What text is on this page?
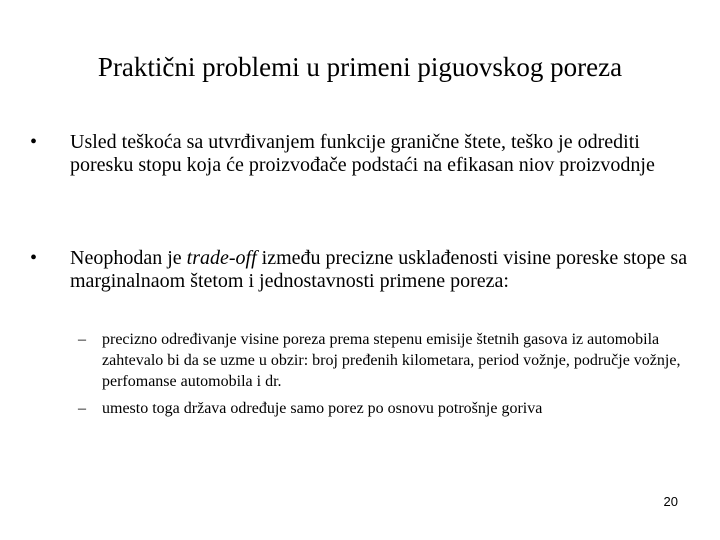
Praktični problemi u primeni piguovskog poreza
• Usled teškoća sa utvrđivanjem funkcije granične štete, teško je odrediti poresku stopu koja će proizvođače podstaći na efikasan niov proizvodnje
• Neophodan je trade-off između precizne usklađenosti visine poreske stope sa marginalnaom štetom i jednostavnosti primene poreza:
– precizno određivanje visine poreza prema stepenu emisije štetnih gasova iz automobila zahtevalo bi da se uzme u obzir: broj pređenih kilometara, period vožnje, područje vožnje, perfomanse automobila i dr.
– umesto toga država određuje samo porez po osnovu potrošnje goriva
20
